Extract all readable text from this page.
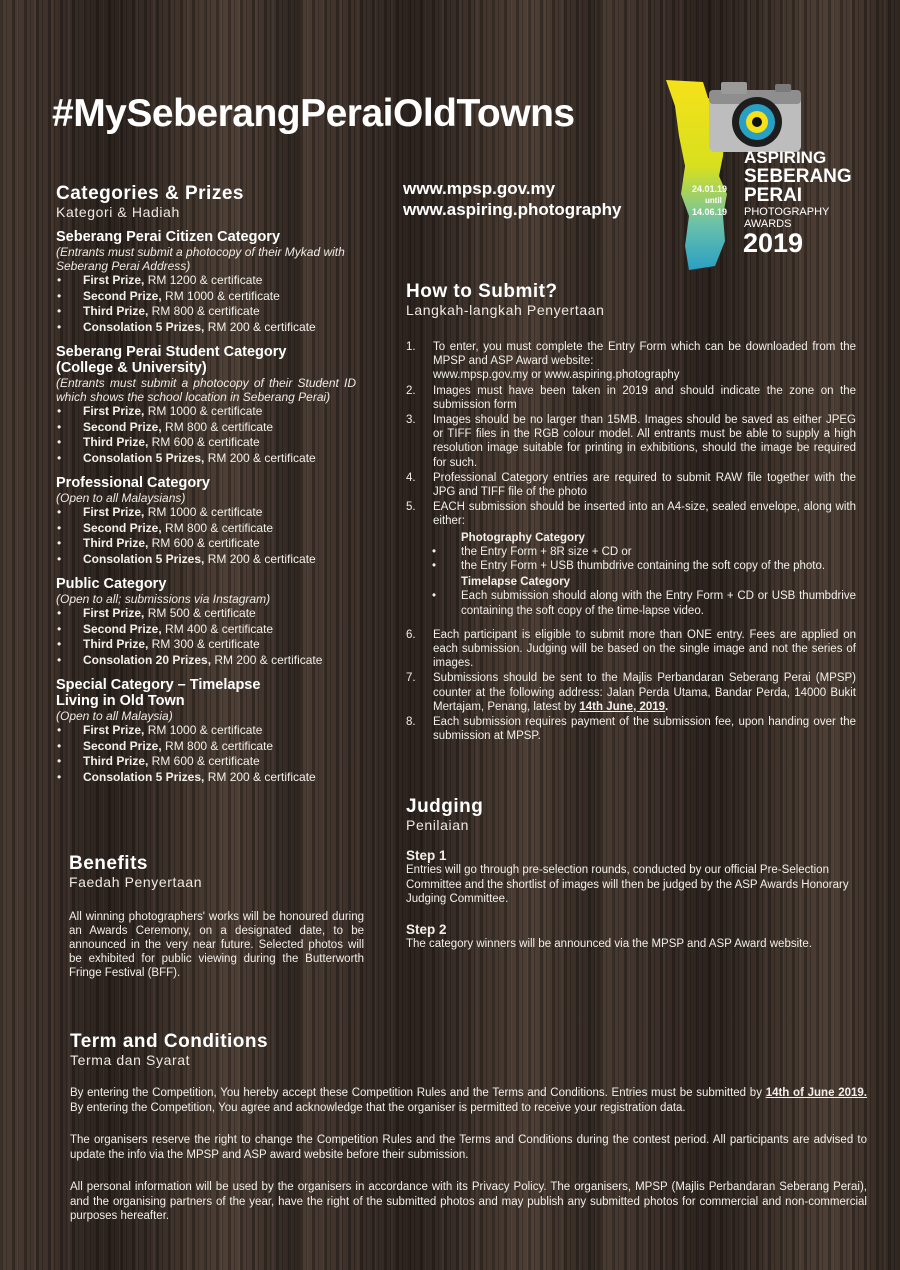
#MySeberangPeraiOldTowns
www.mpsp.gov.my
www.aspiring.photography
24.01.19
until
14.06.19
ASPIRING
SEBERANG
PERAI
PHOTOGRAPHY
AWARDS
2019
Categories & Prizes
Kategori & Hadiah
Seberang Perai Citizen Category
(Entrants must submit a photocopy of their Mykad with Seberang Perai Address)
• First Prize, RM 1200 & certificate
• Second Prize, RM 1000 & certificate
• Third Prize, RM 800 & certificate
• Consolation 5 Prizes, RM 200 & certificate
Seberang Perai Student Category (College & University)
(Entrants must submit a photocopy of their Student ID which shows the school location in Seberang Perai)
• First Prize, RM 1000 & certificate
• Second Prize, RM 800 & certificate
• Third Prize, RM 600 & certificate
• Consolation 5 Prizes, RM 200 & certificate
Professional Category
(Open to all Malaysians)
• First Prize, RM 1000 & certificate
• Second Prize, RM 800 & certificate
• Third Prize, RM 600 & certificate
• Consolation 5 Prizes, RM 200 & certificate
Public Category
(Open to all; submissions via Instagram)
• First Prize, RM 500 & certificate
• Second Prize, RM 400 & certificate
• Third Prize, RM 300 & certificate
• Consolation 20 Prizes, RM 200 & certificate
Special Category – Timelapse Living in Old Town
(Open to all Malaysia)
• First Prize, RM 1000 & certificate
• Second Prize, RM 800 & certificate
• Third Prize, RM 600 & certificate
• Consolation 5 Prizes, RM 200 & certificate
Benefits
Faedah Penyertaan

All winning photographers' works will be honoured during an Awards Ceremony, on a designated date, to be announced in the very near future. Selected photos will be exhibited for public viewing during the Butterworth Fringe Festival (BFF).

How to Submit?
Langkah-langkah Penyertaan
1. To enter, you must complete the Entry Form which can be downloaded from the MPSP and ASP Award website:
www.mpsp.gov.my or www.aspiring.photography
2. Images must have been taken in 2019 and should indicate the zone on the submission form
3. Images should be no larger than 15MB. Images should be saved as either JPEG or TIFF files in the RGB colour model. All entrants must be able to supply a high resolution image suitable for printing in exhibitions, should the image be required for such.
4. Professional Category entries are required to submit RAW file together with the JPG and TIFF file of the photo
5. EACH submission should be inserted into an A4-size, sealed envelope, along with either:
Photography Category
• the Entry Form + 8R size + CD or
• the Entry Form + USB thumbdrive containing the soft copy of the photo.
Timelapse Category
• Each submission should along with the Entry Form + CD or USB thumbdrive containing the soft copy of the time-lapse video.
6. Each participant is eligible to submit more than ONE entry. Fees are applied on each submission. Judging will be based on the single image and not the series of images.
7. Submissions should be sent to the Majlis Perbandaran Seberang Perai (MPSP) counter at the following address: Jalan Perda Utama, Bandar Perda, 14000 Bukit Mertajam, Penang, latest by 14th June, 2019.
8. Each submission requires payment of the submission fee, upon handing over the submission at MPSP.
Judging
Penilaian
Step 1
Entries will go through pre-selection rounds, conducted by our official Pre-Selection Committee and the shortlist of images will then be judged by the ASP Awards Honorary Judging Committee.
Step 2
The category winners will be announced via the MPSP and ASP Award website.
Term and Conditions
Terma dan Syarat

By entering the Competition, You hereby accept these Competition Rules and the Terms and Conditions. Entries must be submitted by 14th of June 2019. By entering the Competition, You agree and acknowledge that the organiser is permitted to receive your registration data.

The organisers reserve the right to change the Competition Rules and the Terms and Conditions during the contest period. All participants are advised to update the info via the MPSP and ASP award website before their submission.

All personal information will be used by the organisers in accordance with its Privacy Policy. The organisers, MPSP (Majlis Perbandaran Seberang Perai), and the organising partners of the year, have the right of the submitted photos and may publish any submitted photos for commercial and non-commercial purposes hereafter.
